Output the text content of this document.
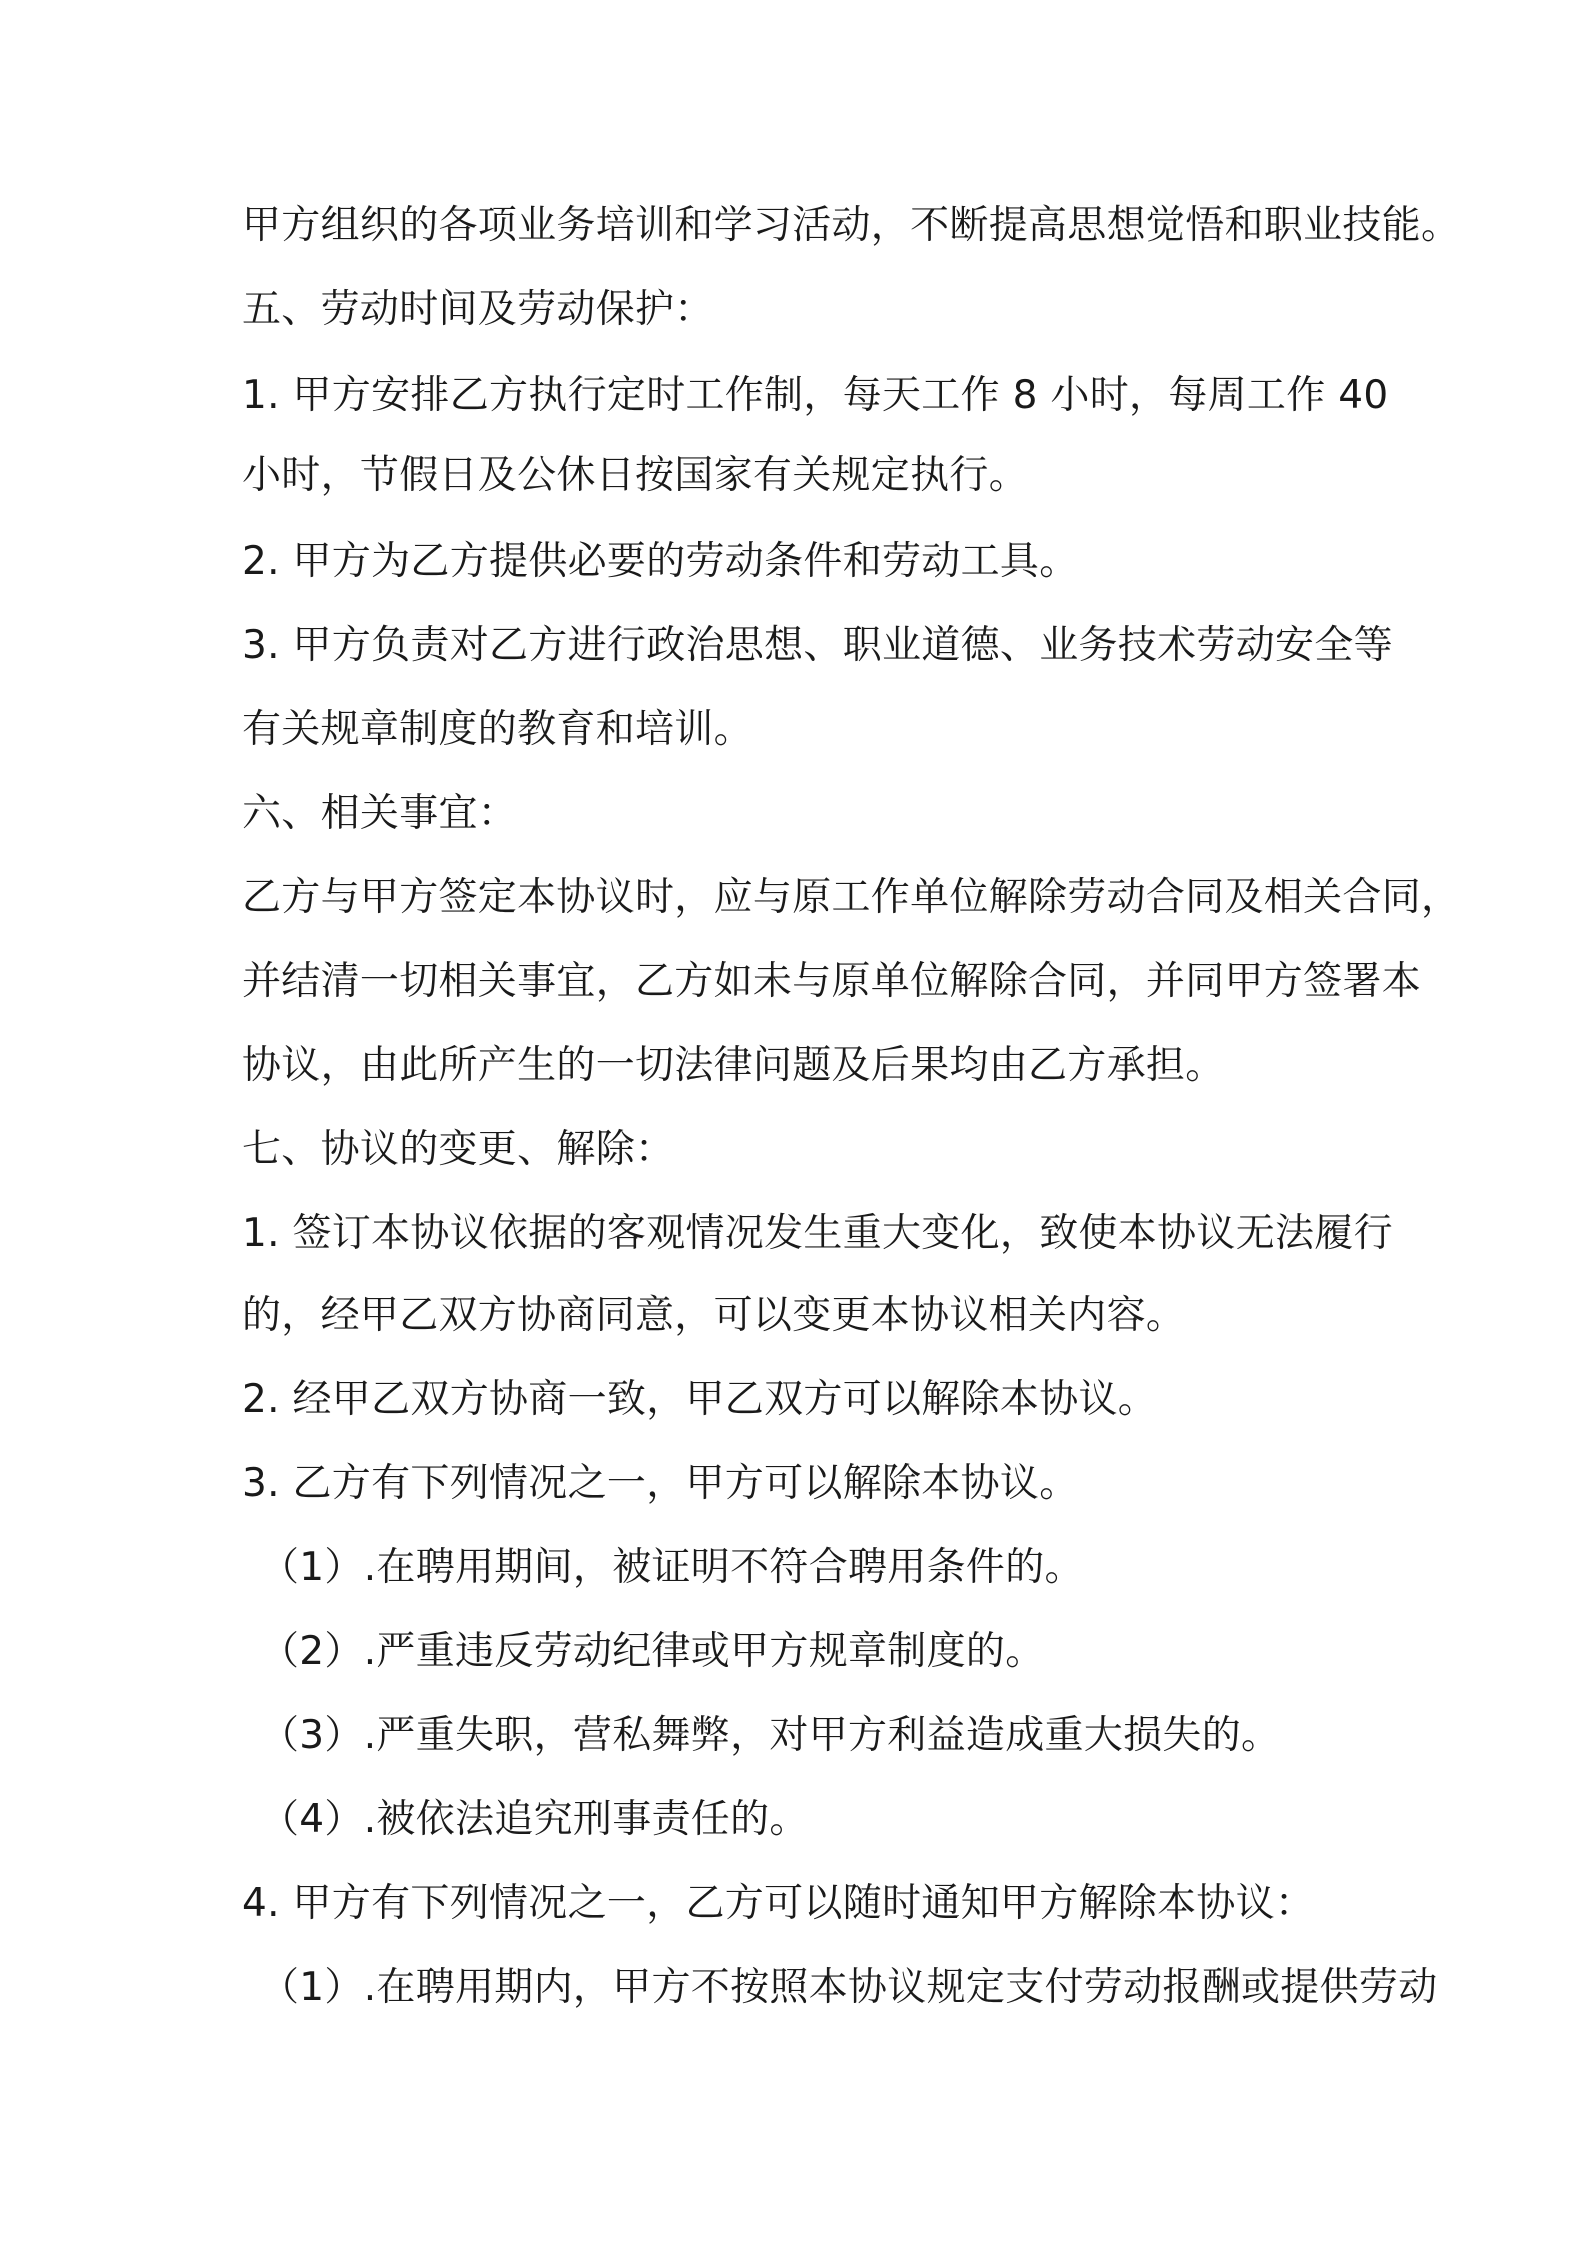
甲方组织的各项业务培训和学习活动，不断提高思想觉悟和职业技能。
五、劳动时间及劳动保护：
1. 甲方安排乙方执行定时工作制，每天工作 8 小时，每周工作 40
小时，节假日及公休日按国家有关规定执行。
2. 甲方为乙方提供必要的劳动条件和劳动工具。
3. 甲方负责对乙方进行政治思想、职业道德、业务技术劳动安全等
有关规章制度的教育和培训。
六、相关事宜：
乙方与甲方签定本协议时，应与原工作单位解除劳动合同及相关合同，
并结清一切相关事宜，乙方如未与原单位解除合同，并同甲方签署本
协议，由此所产生的一切法律问题及后果均由乙方承担。
七、协议的变更、解除：
1. 签订本协议依据的客观情况发生重大变化，致使本协议无法履行
的，经甲乙双方协商同意，可以变更本协议相关内容。
2. 经甲乙双方协商一致，甲乙双方可以解除本协议。
3. 乙方有下列情况之一，甲方可以解除本协议。
（1）.在聘用期间，被证明不符合聘用条件的。
（2）.严重违反劳动纪律或甲方规章制度的。
（3）.严重失职，营私舞弊，对甲方利益造成重大损失的。
（4）.被依法追究刑事责任的。
4. 甲方有下列情况之一，乙方可以随时通知甲方解除本协议：
（1）.在聘用期内，甲方不按照本协议规定支付劳动报酬或提供劳动
